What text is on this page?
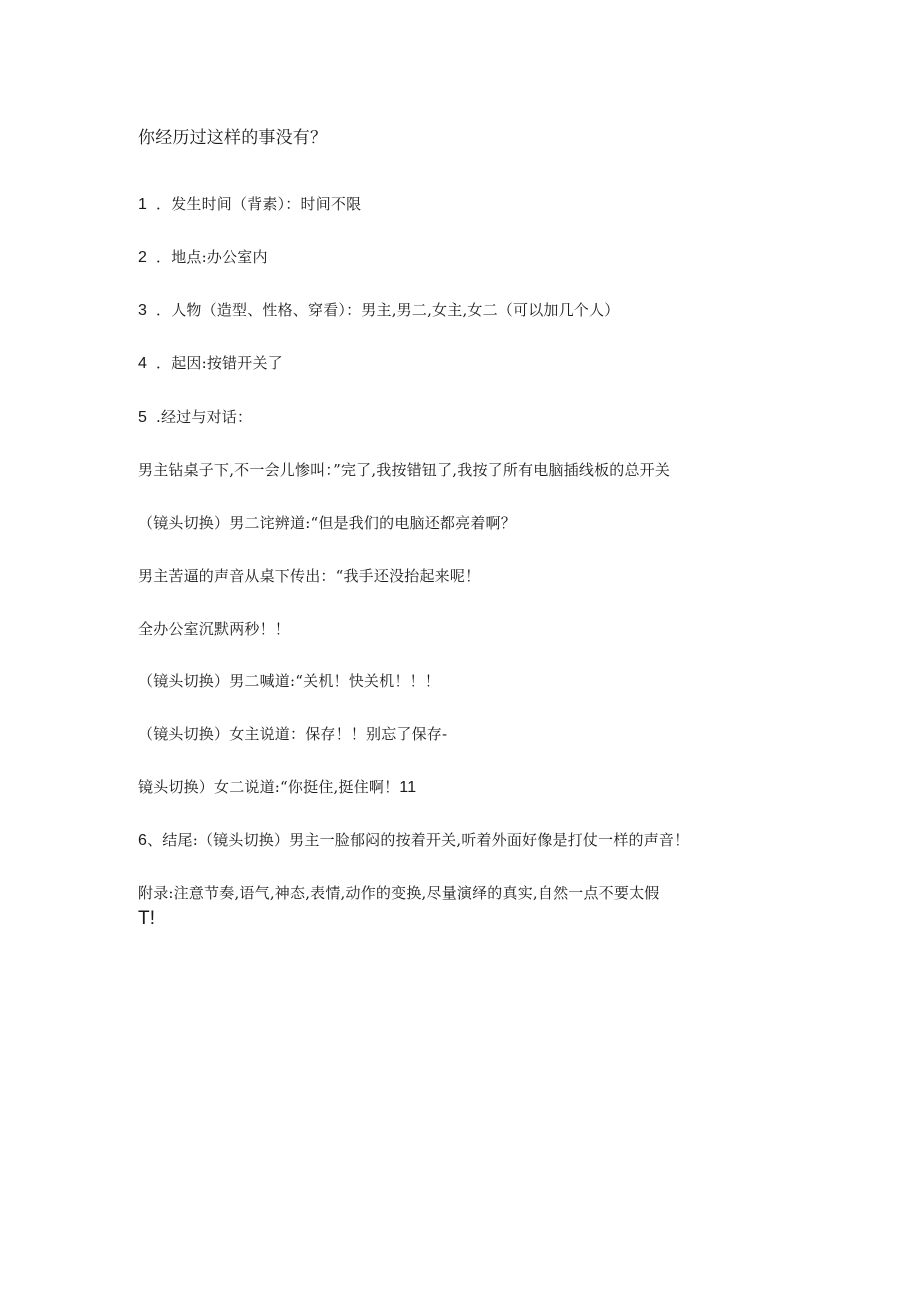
你经历过这样的事没有？
1 ．发生时间（背素）：时间不限
2 ．地点:办公室内
3 ．人物（造型、性格、穿看）：男主,男二,女主,女二（可以加几个人）
4 ．起因:按错开关了
5 .经过与对话：
男主钻桌子下,不一会儿惨叫：”完了,我按错钮了,我按了所有电脑插线板的总开关
（镜头切换）男二诧辨道:“但是我们的电脑还都亮着啊？
男主苦逼的声音从桌下传出：“我手还没抬起来呢！
全办公室沉默两秒！！
（镜头切换）男二喊道:“关机！快关机！！！
（镜头切换）女主说道：保存！！别忘了保存-
镜头切换）女二说道:“你挺住,挺住啊！11
6、结尾:（镜头切换）男主一脸郁闷的按着开关,听着外面好像是打仗一样的声音！
附录:注意节奏,语气,神态,表情,动作的变换,尽量演绎的真实,自然一点不要太假
T!
